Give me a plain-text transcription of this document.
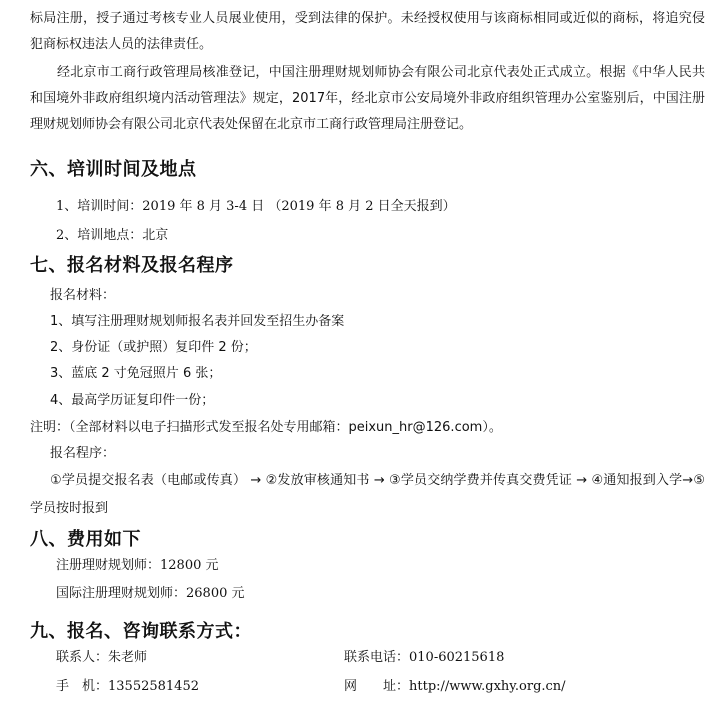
标局注册，授子通过考核专业人员展业使用，受到法律的保护。未经授权使用与该商标相同或近似的商标，将追究侵犯商标权违法人员的法律责任。
经北京市工商行政管理局核准登记，中国注册理财规划师协会有限公司北京代表处正式成立。根据《中华人民共和国境外非政府组织境内活动管理法》规定，2017年，经北京市公安局境外非政府组织管理办公室鉴别后，中国注册理财规划师协会有限公司北京代表处保留在北京市工商行政管理局注册登记。
六、培训时间及地点
1、培训时间：2019 年 8 月 3-4 日 （2019 年 8 月 2 日全天报到）
2、培训地点：北京
七、报名材料及报名程序
报名材料：
1、填写注册理财规划师报名表并回发至招生办备案
2、身份证（或护照）复印件 2 份；
3、蓝底 2 寸免冠照片 6 张；
4、最高学历证复印件一份；
注明：（全部材料以电子扫描形式发至报名处专用邮箱：peixun_hr@126.com）。
报名程序：
①学员提交报名表（电邮或传真） → ②发放审核通知书 → ③学员交纳学费并传真交费凭证 → ④通知报到入学→⑤学员按时报到
八、费用如下
注册理财规划师：12800 元
国际注册理财规划师：26800 元
九、报名、咨询联系方式：
联系人：朱老师	联系电话：010-60215618
手　机：13552581452	网　　址：http://www.gxhy.org.cn/
